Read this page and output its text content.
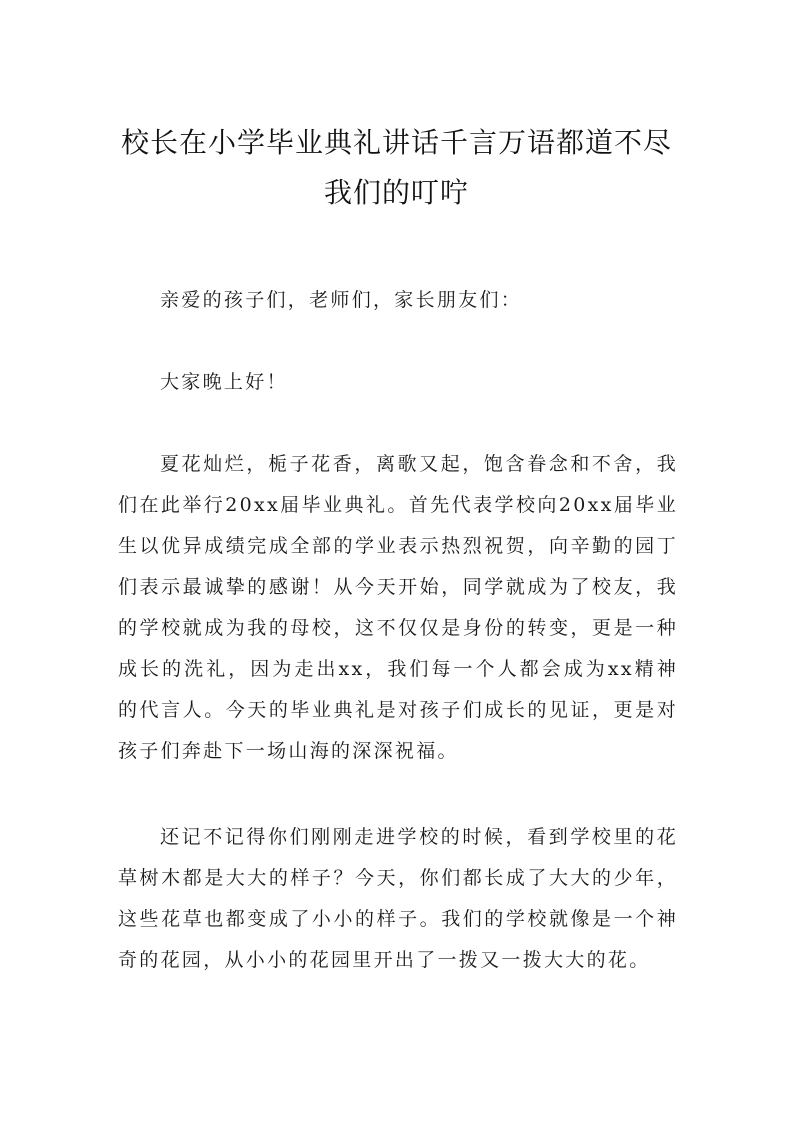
校长在小学毕业典礼讲话千言万语都道不尽
我们的叮咛

亲爱的孩子们，老师们，家长朋友们：

大家晚上好！

夏花灿烂，栀子花香，离歌又起，饱含眷念和不舍，我们在此举行20xx届毕业典礼。首先代表学校向20xx届毕业生以优异成绩完成全部的学业表示热烈祝贺，向辛勤的园丁们表示最诚挚的感谢！从今天开始，同学就成为了校友，我的学校就成为我的母校，这不仅仅是身份的转变，更是一种成长的洗礼，因为走出xx，我们每一个人都会成为xx精神的代言人。今天的毕业典礼是对孩子们成长的见证，更是对孩子们奔赴下一场山海的深深祝福。

还记不记得你们刚刚走进学校的时候，看到学校里的花草树木都是大大的样子？今天，你们都长成了大大的少年，这些花草也都变成了小小的样子。我们的学校就像是一个神奇的花园，从小小的花园里开出了一拨又一拨大大的花。
